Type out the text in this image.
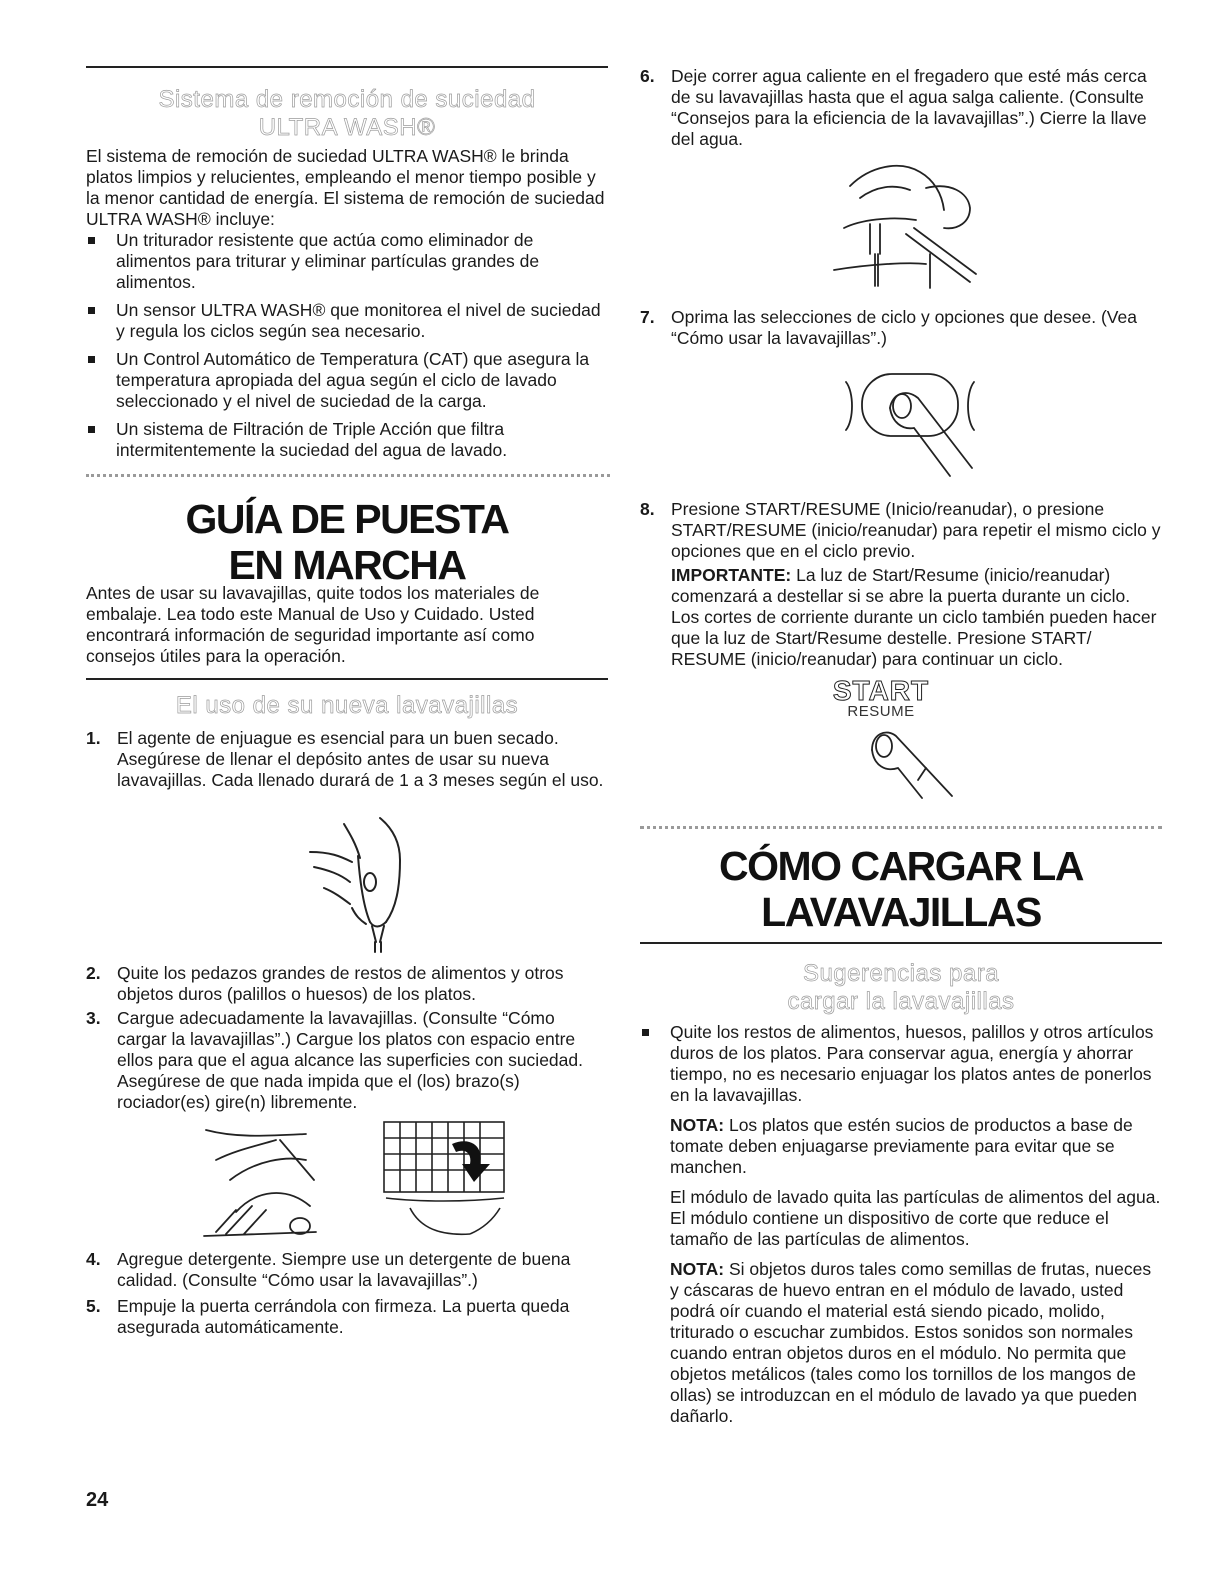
Sistema de remoción de suciedad
ULTRA WASH®

El sistema de remoción de suciedad ULTRA WASH® le brinda platos limpios y relucientes, empleando el menor tiempo posible y la menor cantidad de energía. El sistema de remoción de suciedad ULTRA WASH® incluye:

Un triturador resistente que actúa como eliminador de alimentos para triturar y eliminar partículas grandes de alimentos.
Un sensor ULTRA WASH® que monitorea el nivel de suciedad y regula los ciclos según sea necesario.
Un Control Automático de Temperatura (CAT) que asegura la temperatura apropiada del agua según el ciclo de lavado seleccionado y el nivel de suciedad de la carga.
Un sistema de Filtración de Triple Acción que filtra intermitentemente la suciedad del agua de lavado.
GUÍA DE PUESTA
EN MARCHA

Antes de usar su lavavajillas, quite todos los materiales de embalaje. Lea todo este Manual de Uso y Cuidado. Usted encontrará información de seguridad importante así como consejos útiles para la operación.

El uso de su nueva lavavajillas
1. El agente de enjuague es esencial para un buen secado. Asegúrese de llenar el depósito antes de usar su nueva lavavajillas. Cada llenado durará de 1 a 3 meses según el uso.

2. Quite los pedazos grandes de restos de alimentos y otros objetos duros (palillos o huesos) de los platos.

3. Cargue adecuadamente la lavavajillas. (Consulte “Cómo cargar la lavavajillas”.) Cargue los platos con espacio entre ellos para que el agua alcance las superficies con suciedad. Asegúrese de que nada impida que el (los) brazo(s) rociador(es) gire(n) libremente.

4. Agregue detergente. Siempre use un detergente de buena calidad. (Consulte “Cómo usar la lavavajillas”.)

5. Empuje la puerta cerrándola con firmeza. La puerta queda asegurada automáticamente.

24
6. Deje correr agua caliente en el fregadero que esté más cerca de su lavavajillas hasta que el agua salga caliente. (Consulte “Consejos para la eficiencia de la lavavajillas”.) Cierre la llave del agua.

7. Oprima las selecciones de ciclo y opciones que desee. (Vea “Cómo usar la lavavajillas”.)

8. Presione START/RESUME (Inicio/reanudar), o presione START/RESUME (inicio/reanudar) para repetir el mismo ciclo y opciones que en el ciclo previo.

IMPORTANTE: La luz de Start/Resume (inicio/reanudar) comenzará a destellar si se abre la puerta durante un ciclo. Los cortes de corriente durante un ciclo también pueden hacer que la luz de Start/Resume destelle. Presione START/ RESUME (inicio/reanudar) para continuar un ciclo.

START
RESUME
CÓMO CARGAR LA
LAVAVAJILLAS
Sugerencias para
cargar la lavavajillas
Quite los restos de alimentos, huesos, palillos y otros artículos duros de los platos. Para conservar agua, energía y ahorrar tiempo, no es necesario enjuagar los platos antes de ponerlos en la lavavajillas.

NOTA: Los platos que estén sucios de productos a base de tomate deben enjuagarse previamente para evitar que se manchen.

El módulo de lavado quita las partículas de alimentos del agua. El módulo contiene un dispositivo de corte que reduce el tamaño de las partículas de alimentos.

NOTA: Si objetos duros tales como semillas de frutas, nueces y cáscaras de huevo entran en el módulo de lavado, usted podrá oír cuando el material está siendo picado, molido, triturado o escuchar zumbidos. Estos sonidos son normales cuando entran objetos duros en el módulo. No permita que objetos metálicos (tales como los tornillos de los mangos de ollas) se introduzcan en el módulo de lavado ya que pueden dañarlo.
